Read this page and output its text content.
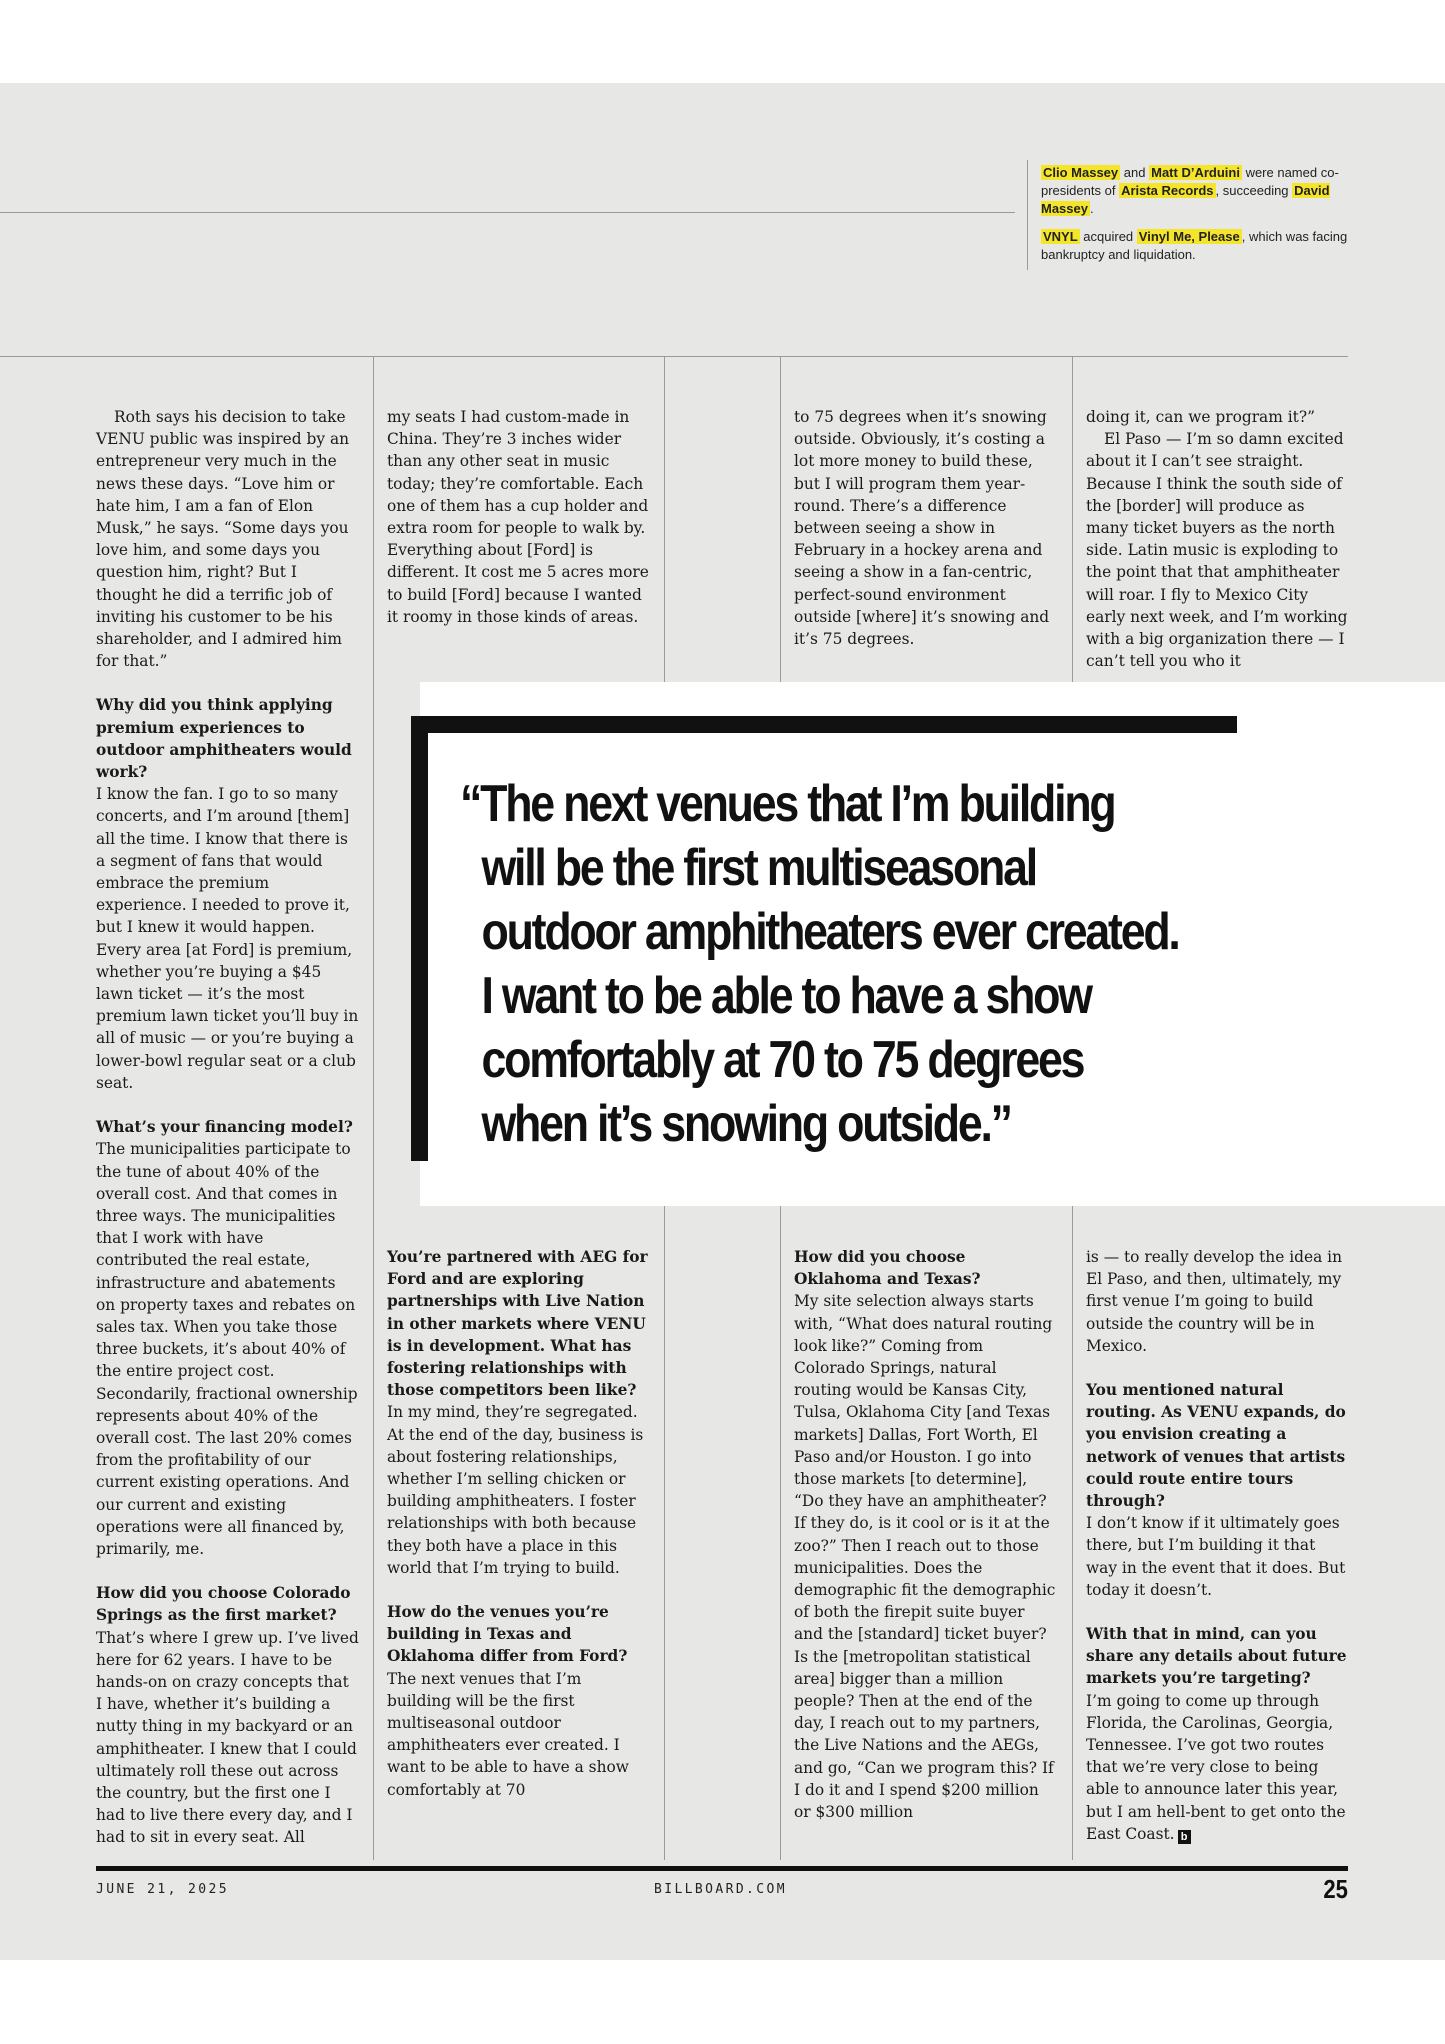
Clio Massey and Matt D’Arduini were named co-presidents of Arista Records , succeeding David Massey .

VNYL acquired Vinyl Me, Please , which was facing bankruptcy and liquidation.

Roth says his decision to take VENU public was inspired by an entrepreneur very much in the news these days. “Love him or hate him, I am a fan of Elon Musk,” he says. “Some days you love him, and some days you question him, right? But I thought he did a terrific job of inviting his customer to be his shareholder, and I admired him for that.”

Why did you think applying premium experiences to outdoor amphitheaters would work?

I know the fan. I go to so many concerts, and I’m around [them] all the time. I know that there is a segment of fans that would embrace the premium experience. I needed to prove it, but I knew it would happen. Every area [at Ford] is premium, whether you’re buying a $45 lawn ticket — it’s the most premium lawn ticket you’ll buy in all of music — or you’re buying a lower-bowl regular seat or a club seat.

What’s your financing model?

The municipalities participate to the tune of about 40% of the overall cost. And that comes in three ways. The municipalities that I work with have contributed the real estate, infrastructure and abatements on property taxes and rebates on sales tax. When you take those three buckets, it’s about 40% of the entire project cost. Secondarily, fractional ownership represents about 40% of the overall cost. The last 20% comes from the profitability of our current existing operations. And our current and existing operations were all financed by, primarily, me.

How did you choose Colorado Springs as the first market?

That’s where I grew up. I’ve lived here for 62 years. I have to be hands-on on crazy concepts that I have, whether it’s building a nutty thing in my backyard or an amphitheater. I knew that I could ultimately roll these out across the country, but the first one I had to live there every day, and I had to sit in every seat. All

my seats I had custom-made in China. They’re 3 inches wider than any other seat in music today; they’re comfortable. Each one of them has a cup holder and extra room for people to walk by. Everything about [Ford] is different. It cost me 5 acres more to build [Ford] because I wanted it roomy in those kinds of areas.

You’re partnered with AEG for Ford and are exploring partnerships with Live Nation in other markets where VENU is in development. What has fostering relationships with those competitors been like?

In my mind, they’re segregated. At the end of the day, business is about fostering relationships, whether I’m selling chicken or building amphitheaters. I foster relationships with both because they both have a place in this world that I’m trying to build.

How do the venues you’re building in Texas and Oklahoma differ from Ford?

The next venues that I’m building will be the first multiseasonal outdoor amphitheaters ever created. I want to be able to have a show comfortably at 70

to 75 degrees when it’s snowing outside. Obviously, it’s costing a lot more money to build these, but I will program them year-round. There’s a difference between seeing a show in February in a hockey arena and seeing a show in a fan-centric, perfect-sound environment outside [where] it’s snowing and it’s 75 degrees.

How did you choose Oklahoma and Texas?

My site selection always starts with, “What does natural routing look like?” Coming from Colorado Springs, natural routing would be Kansas City, Tulsa, Oklahoma City [and Texas markets] Dallas, Fort Worth, El Paso and/or Houston. I go into those markets [to determine], “Do they have an amphitheater? If they do, is it cool or is it at the zoo?” Then I reach out to those municipalities. Does the demographic fit the demographic of both the firepit suite buyer and the [standard] ticket buyer? Is the [metropolitan statistical area] bigger than a million people? Then at the end of the day, I reach out to my partners, the Live Nations and the AEGs, and go, “Can we program this? If I do it and I spend $200 million or $300 million

doing it, can we program it?”

El Paso — I’m so damn excited about it I can’t see straight. Because I think the south side of the [border] will produce as many ticket buyers as the north side. Latin music is exploding to the point that that amphitheater will roar. I fly to Mexico City early next week, and I’m working with a big organization there — I can’t tell you who it

is — to really develop the idea in El Paso, and then, ultimately, my first venue I’m going to build outside the country will be in Mexico.

You mentioned natural routing. As VENU expands, do you envision creating a network of venues that artists could route entire tours through?

I don’t know if it ultimately goes there, but I’m building it that way in the event that it does. But today it doesn’t.

With that in mind, can you share any details about future markets you’re targeting?

I’m going to come up through Florida, the Carolinas, Georgia, Tennessee. I’ve got two routes that we’re very close to being able to announce later this year, but I am hell-bent to get onto the East Coast. b

“The next venues that I’m building
will be the first multiseasonal
outdoor amphitheaters ever created.
I want to be able to have a show
comfortably at 70 to 75 degrees
when it’s snowing outside.”
JUNE 21, 2025	BILLBOARD.COM	25
